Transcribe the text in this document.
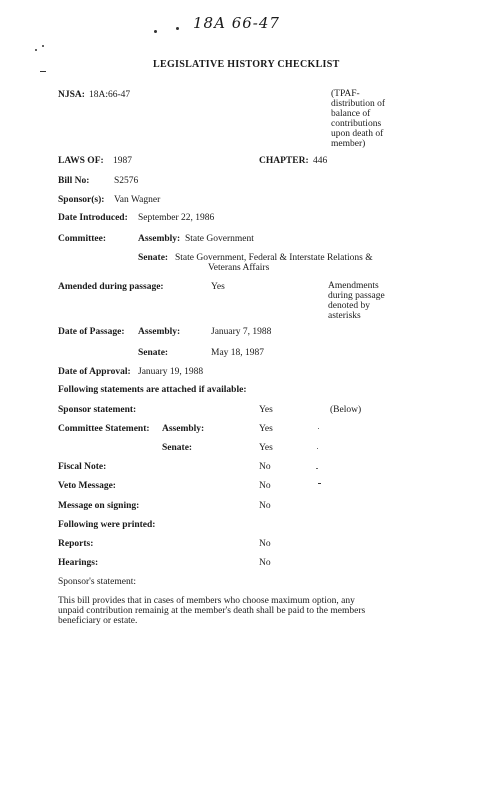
18A 66-47
LEGISLATIVE HISTORY CHECKLIST
NJSA: 18A:66-47	(TPAF-
distribution of
balance of
contributions
upon death of
member)
LAWS OF: 1987	CHAPTER: 446
Bill No:	S2576
Sponsor(s): Van Wagner
Date Introduced: September 22, 1986
Committee:	Assembly: State Government
Senate: State Government, Federal & Interstate Relations &
Veterans Affairs
Amended during passage:	Yes	Amendments
during passage
denoted by
asterisks
Date of Passage: Assembly:	January 7, 1988
Senate:	May 18, 1987
Date of Approval: January 19, 1988
Following statements are attached if available:
Sponsor statement:	Yes	(Below)
Committee Statement: Assembly:	Yes
Senate:	Yes
Fiscal Note:	No
Veto Message:	No
Message on signing:	No
Following were printed:
Reports:	No
Hearings:	No
Sponsor's statement:
This bill provides that in cases of members who choose maximum option, any
unpaid contribution remainig at the member's death shall be paid to the members
beneficiary or estate.
